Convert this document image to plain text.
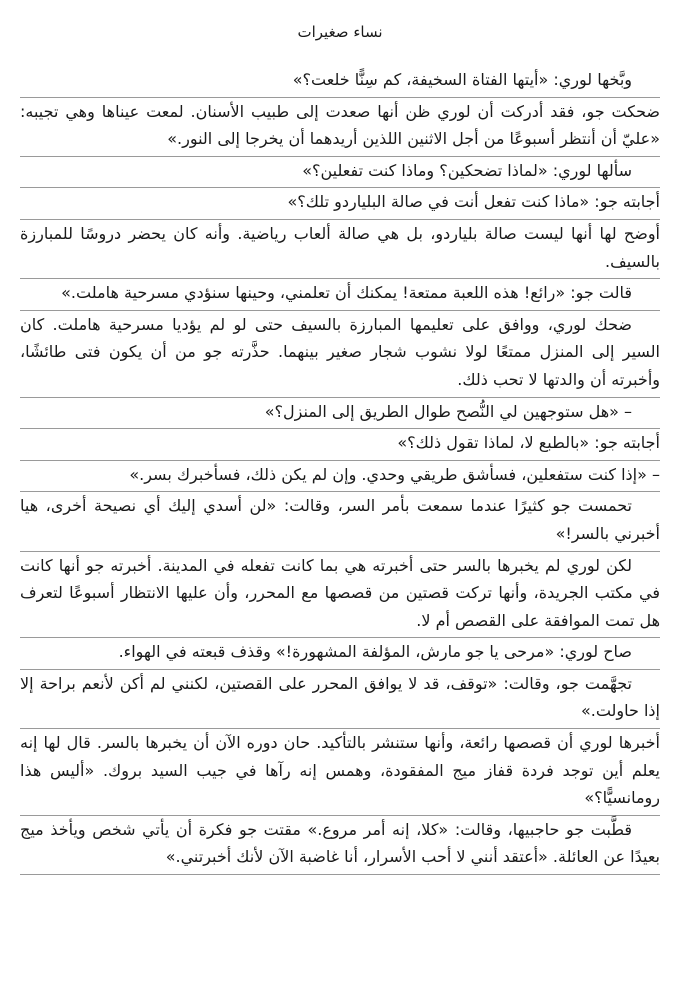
نساء صغيرات

وبَّخها لوري: «أيتها الفتاة السخيفة، كم سِنًّا خلعت؟»

ضحكت جو، فقد أدركت أن لوري ظن أنها صعدت إلى طبيب الأسنان. لمعت عيناها وهي تجيبه: «عليّ أن أنتظر أسبوعًا من أجل الاثنين اللذين أريدهما أن يخرجا إلى النور.»

سألها لوري: «لماذا تضحكين؟ وماذا كنت تفعلين؟»

أجابته جو: «ماذا كنت تفعل أنت في صالة البلياردو تلك؟»

أوضح لها أنها ليست صالة بلياردو، بل هي صالة ألعاب رياضية. وأنه كان يحضر دروسًا للمبارزة بالسيف.

قالت جو: «رائع! هذه اللعبة ممتعة! يمكنك أن تعلمني، وحينها سنؤدي مسرحية هاملت.»

ضحك لوري، ووافق على تعليمها المبارزة بالسيف حتى لو لم يؤديا مسرحية هاملت. كان السير إلى المنزل ممتعًا لولا نشوب شجار صغير بينهما. حذَّرته جو من أن يكون فتى طائشًا، وأخبرته أن والدتها لا تحب ذلك.

– «هل ستوجهين لي النُّصح طوال الطريق إلى المنزل؟»

أجابته جو: «بالطبع لا، لماذا تقول ذلك؟»

– «إذا كنت ستفعلين، فسأشق طريقي وحدي. وإن لم يكن ذلك، فسأخبرك بسر.»

تحمست جو كثيرًا عندما سمعت بأمر السر، وقالت: «لن أسدي إليك أي نصيحة أخرى، هيا أخبرني بالسر!»

لكن لوري لم يخبرها بالسر حتى أخبرته هي بما كانت تفعله في المدينة. أخبرته جو أنها كانت في مكتب الجريدة، وأنها تركت قصتين من قصصها مع المحرر، وأن عليها الانتظار أسبوعًا لتعرف هل تمت الموافقة على القصص أم لا.

صاح لوري: «مرحى يا جو مارش، المؤلفة المشهورة!» وقذف قبعته في الهواء.

تجهَّمت جو، وقالت: «توقف، قد لا يوافق المحرر على القصتين، لكنني لم أكن لأنعم براحة إلا إذا حاولت.»

أخبرها لوري أن قصصها رائعة، وأنها ستنشر بالتأكيد. حان دوره الآن أن يخبرها بالسر. قال لها إنه يعلم أين توجد فردة قفاز ميج المفقودة، وهمس إنه رآها في جيب السيد بروك. «أليس هذا رومانسيًّا؟»

قطَّبت جو حاجبيها، وقالت: «كلا، إنه أمر مروع.» مقتت جو فكرة أن يأتي شخص ويأخذ ميج بعيدًا عن العائلة. «أعتقد أنني لا أحب الأسرار، أنا غاضبة الآن لأنك أخبرتني.»
